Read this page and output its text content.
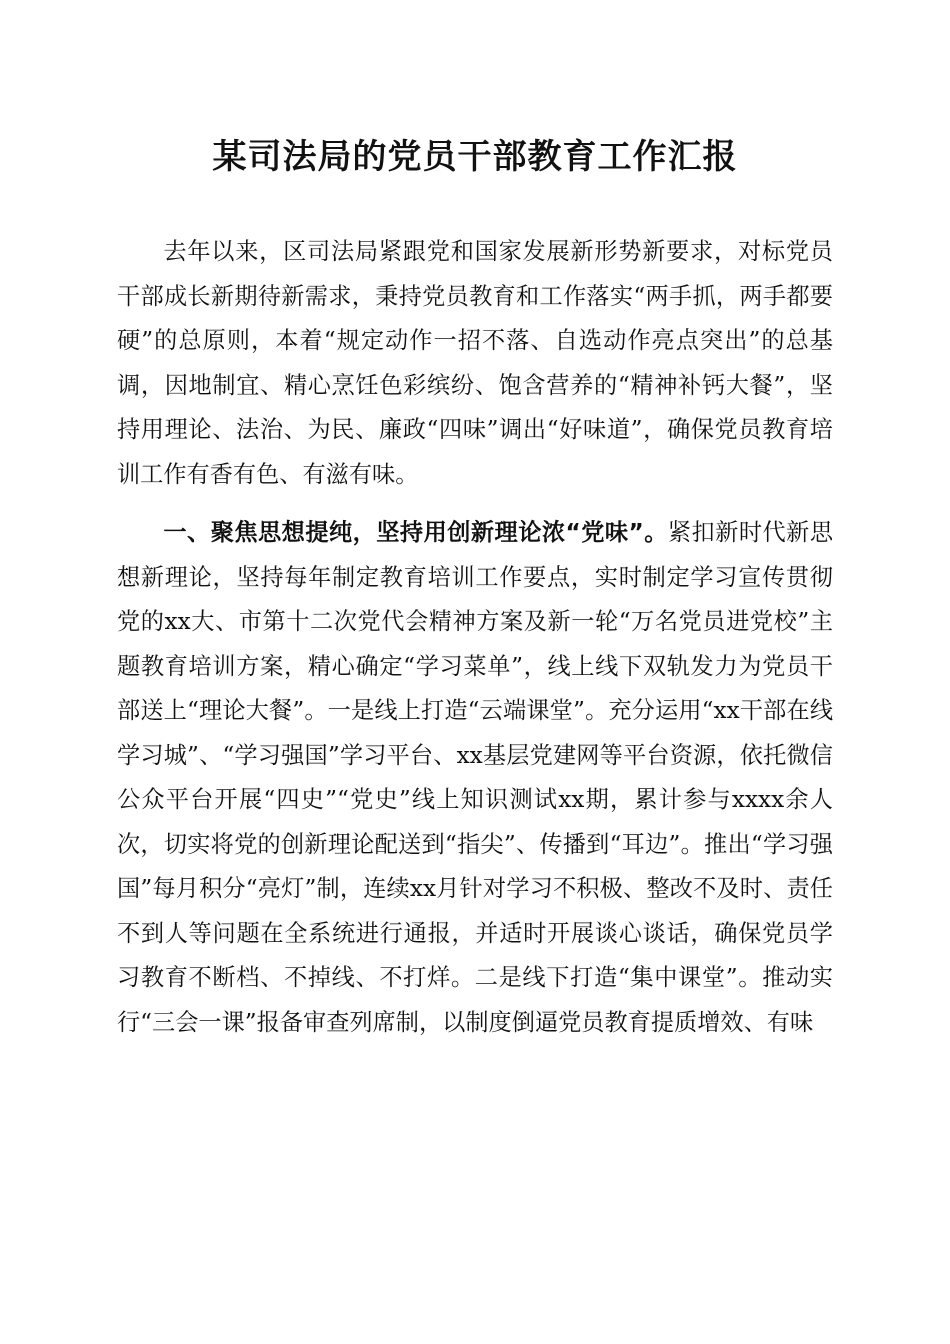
某司法局的党员干部教育工作汇报

去年以来，区司法局紧跟党和国家发展新形势新要求，对标党员干部成长新期待新需求，秉持党员教育和工作落实“两手抓，两手都要硬”的总原则，本着“规定动作一招不落、自选动作亮点突出”的总基调，因地制宜、精心烹饪色彩缤纷、饱含营养的“精神补钙大餐”，坚持用理论、法治、为民、廉政“四味”调出“好味道”，确保党员教育培训工作有香有色、有滋有味。

一、聚焦思想提纯，坚持用创新理论浓“党味”。紧扣新时代新思想新理论，坚持每年制定教育培训工作要点，实时制定学习宣传贯彻党的xx大、市第十二次党代会精神方案及新一轮“万名党员进党校”主题教育培训方案，精心确定“学习菜单”，线上线下双轨发力为党员干部送上“理论大餐”。一是线上打造“云端课堂”。充分运用“xx干部在线学习城”、“学习强国”学习平台、xx基层党建网等平台资源，依托微信公众平台开展“四史”“党史”线上知识测试xx期，累计参与xxxx余人次，切实将党的创新理论配送到“指尖”、传播到“耳边”。推出“学习强国”每月积分“亮灯”制，连续xx月针对学习不积极、整改不及时、责任不到人等问题在全系统进行通报，并适时开展谈心谈话，确保党员学习教育不断档、不掉线、不打烊。二是线下打造“集中课堂”。推动实行“三会一课”报备审查列席制，以制度倒逼党员教育提质增效、有味
